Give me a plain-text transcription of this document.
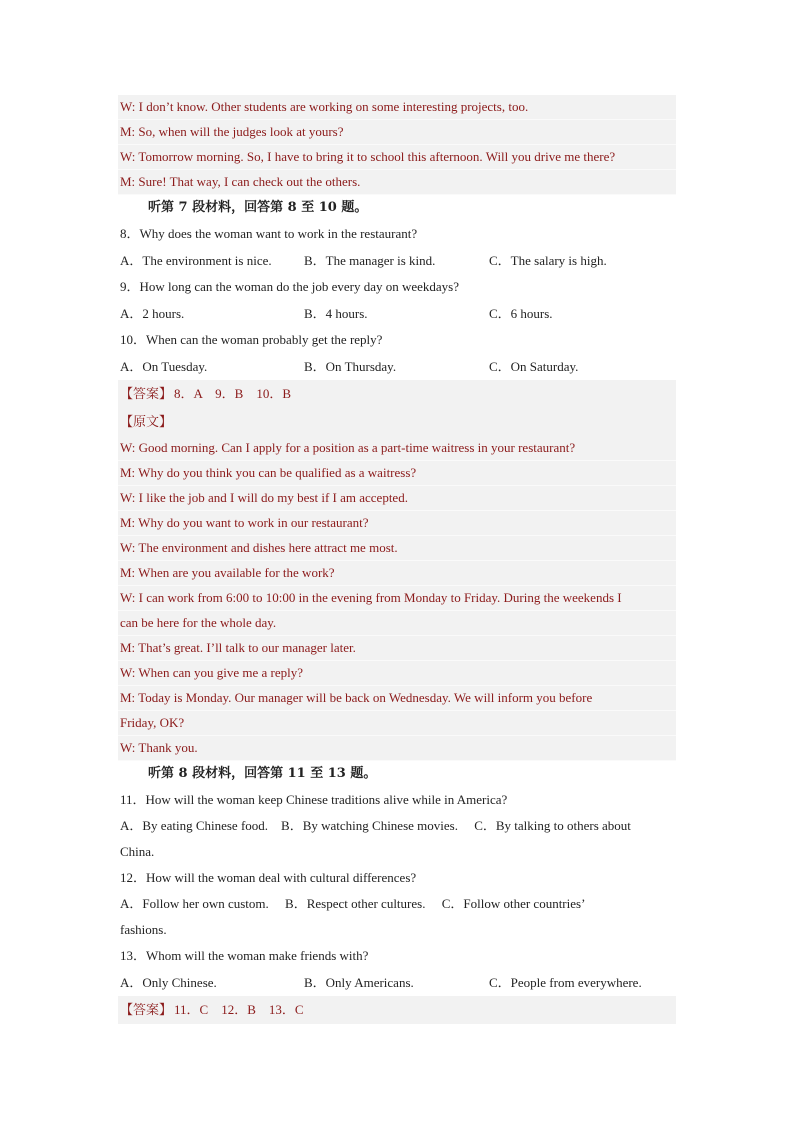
W: I don’t know. Other students are working on some interesting projects, too.
M: So, when will the judges look at yours?
W: Tomorrow morning. So, I have to bring it to school this afternoon. Will you drive me there?
M: Sure! That way, I can check out the others.
听第 7 段材料，回答第 8 至 10 题。
8．Why does the woman want to work in the restaurant?
A．The environment is nice. B．The manager is kind.	C．The salary is high.
9．How long can the woman do the job every day on weekdays?
A．2 hours.	B．4 hours.	C．6 hours.
10．When can the woman probably get the reply?
A．On Tuesday.	B．On Thursday.	C．On Saturday.
【答案】 8．A　9．B　10．B
【原文】
W: Good morning. Can I apply for a position as a part-time waitress in your restaurant?
M: Why do you think you can be qualified as a waitress?
W: I like the job and I will do my best if I am accepted.
M: Why do you want to work in our restaurant?
W: The environment and dishes here attract me most.
M: When are you available for the work?
W: I can work from 6:00 to 10:00 in the evening from Monday to Friday. During the weekends I
can be here for the whole day.
M: That’s great. I’ll talk to our manager later.
W: When can you give me a reply?
M: Today is Monday. Our manager will be back on Wednesday. We will inform you before
Friday, OK?
W: Thank you.
听第 8 段材料，回答第 11 至 13 题。
11．How will the woman keep Chinese traditions alive while in America?
A．By eating Chinese food.　B．By watching Chinese movies.　 C．By talking to others about
China.
12．How will the woman deal with cultural differences?
A．Follow her own custom.　 B．Respect other cultures.　 C．Follow other countries’
fashions.
13．Whom will the woman make friends with?
A．Only Chinese.	B．Only Americans.	C．People from everywhere.
【答案】 11．C　12．B　13．C
